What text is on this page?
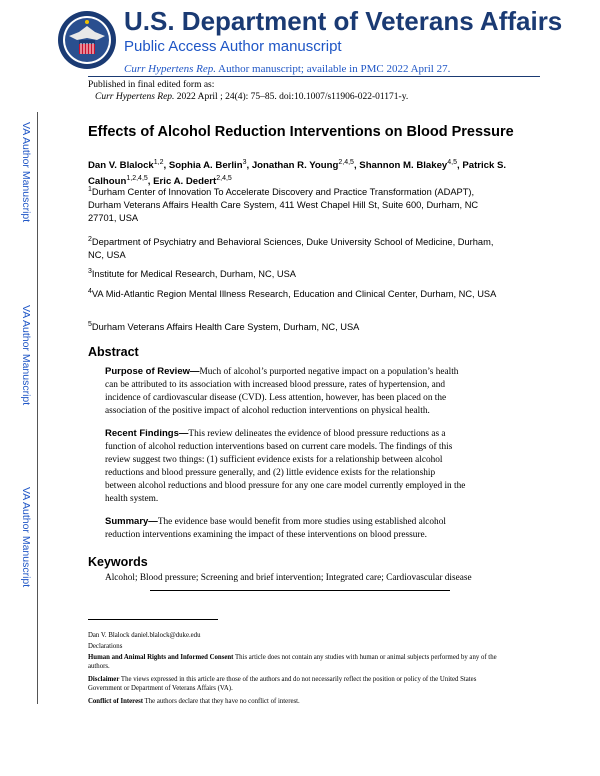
U.S. Department of Veterans Affairs
Public Access Author manuscript
Curr Hypertens Rep. Author manuscript; available in PMC 2022 April 27.
Published in final edited form as:
Curr Hypertens Rep. 2022 April ; 24(4): 75–85. doi:10.1007/s11906-022-01171-y.
VA Author Manuscript
VA Author Manuscript
VA Author Manuscript
Effects of Alcohol Reduction Interventions on Blood Pressure
Dan V. Blalock$^{1,2}$, Sophia A. Berlin$^3$, Jonathan R. Young$^{2,4,5}$, Shannon M. Blakey$^{4,5}$, Patrick S. Calhoun$^{1,2,4,5}$, Eric A. Dedert$^{2,4,5}$
$^1$Durham Center of Innovation To Accelerate Discovery and Practice Transformation (ADAPT), Durham Veterans Affairs Health Care System, 411 West Chapel Hill St, Suite 600, Durham, NC 27701, USA
$^2$Department of Psychiatry and Behavioral Sciences, Duke University School of Medicine, Durham, NC, USA
$^3$Institute for Medical Research, Durham, NC, USA
$^4$VA Mid-Atlantic Region Mental Illness Research, Education and Clinical Center, Durham, NC, USA
$^5$Durham Veterans Affairs Health Care System, Durham, NC, USA
Abstract
Purpose of Review—Much of alcohol’s purported negative impact on a population’s health can be attributed to its association with increased blood pressure, rates of hypertension, and incidence of cardiovascular disease (CVD). Less attention, however, has been placed on the association of the positive impact of alcohol reduction interventions on physical health.
Recent Findings—This review delineates the evidence of blood pressure reductions as a function of alcohol reduction interventions based on current care models. The findings of this review suggest two things: (1) sufficient evidence exists for a relationship between alcohol reductions and blood pressure generally, and (2) little evidence exists for the relationship between alcohol reductions and blood pressure for any one care model currently employed in the health system.
Summary—The evidence base would benefit from more studies using established alcohol reduction interventions examining the impact of these interventions on blood pressure.
Keywords
Alcohol; Blood pressure; Screening and brief intervention; Integrated care; Cardiovascular disease
Dan V. Blalock daniel.blalock@duke.edu
Declarations
Human and Animal Rights and Informed Consent This article does not contain any studies with human or animal subjects performed by any of the authors.
Disclaimer The views expressed in this article are those of the authors and do not necessarily reflect the position or policy of the United States Government or Department of Veterans Affairs (VA).
Conflict of Interest The authors declare that they have no conflict of interest.
